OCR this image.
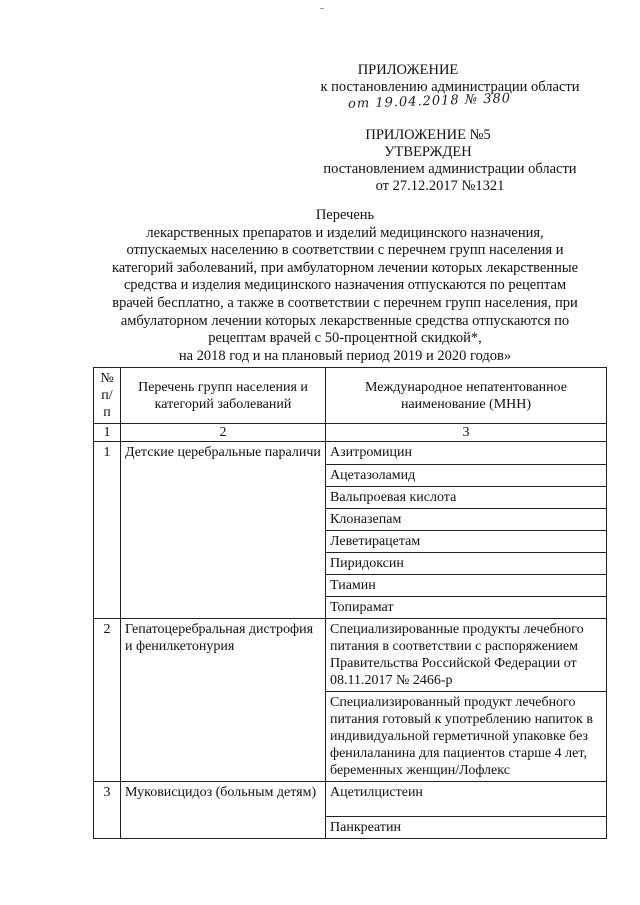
ПРИЛОЖЕНИЕ
к постановлению администрации области
от 19.04.2018 № 380
ПРИЛОЖЕНИЕ №5
УТВЕРЖДЕН
постановлением администрации области
от 27.12.2017 №1321
Перечень
лекарственных препаратов и изделий медицинского назначения,
отпускаемых населению в соответствии с перечнем групп населения и
категорий заболеваний, при амбулаторном лечении которых лекарственные
средства и изделия медицинского назначения отпускаются по рецептам
врачей бесплатно, а также в соответствии с перечнем групп населения, при
амбулаторном лечении которых лекарственные средства отпускаются по
рецептам врачей с 50-процентной скидкой*,
на 2018 год и на плановый период 2019 и 2020 годов»
№ п/п	Перечень групп населения и категорий заболеваний	Международное непатентованное наименование (МНН)
1	2	3
1	Детские церебральные параличи	Азитромицин
		Ацетазоламид
		Вальпроевая кислота
		Клоназепам
		Леветирацетам
		Пиридоксин
		Тиамин
		Топирамат
2	Гепатоцеребральная дистрофия и фенилкетонурия	Специализированные продукты лечебного питания в соответствии с распоряжением Правительства Российской Федерации от 08.11.2017 № 2466-р
		Специализированный продукт лечебного питания готовый к употреблению напиток в индивидуальной герметичной упаковке без фенилаланина для пациентов старше 4 лет, беременных женщин/Лофлекс
3	Муковисцидоз (больным детям)	Ацетилцистеин
		Панкреатин
